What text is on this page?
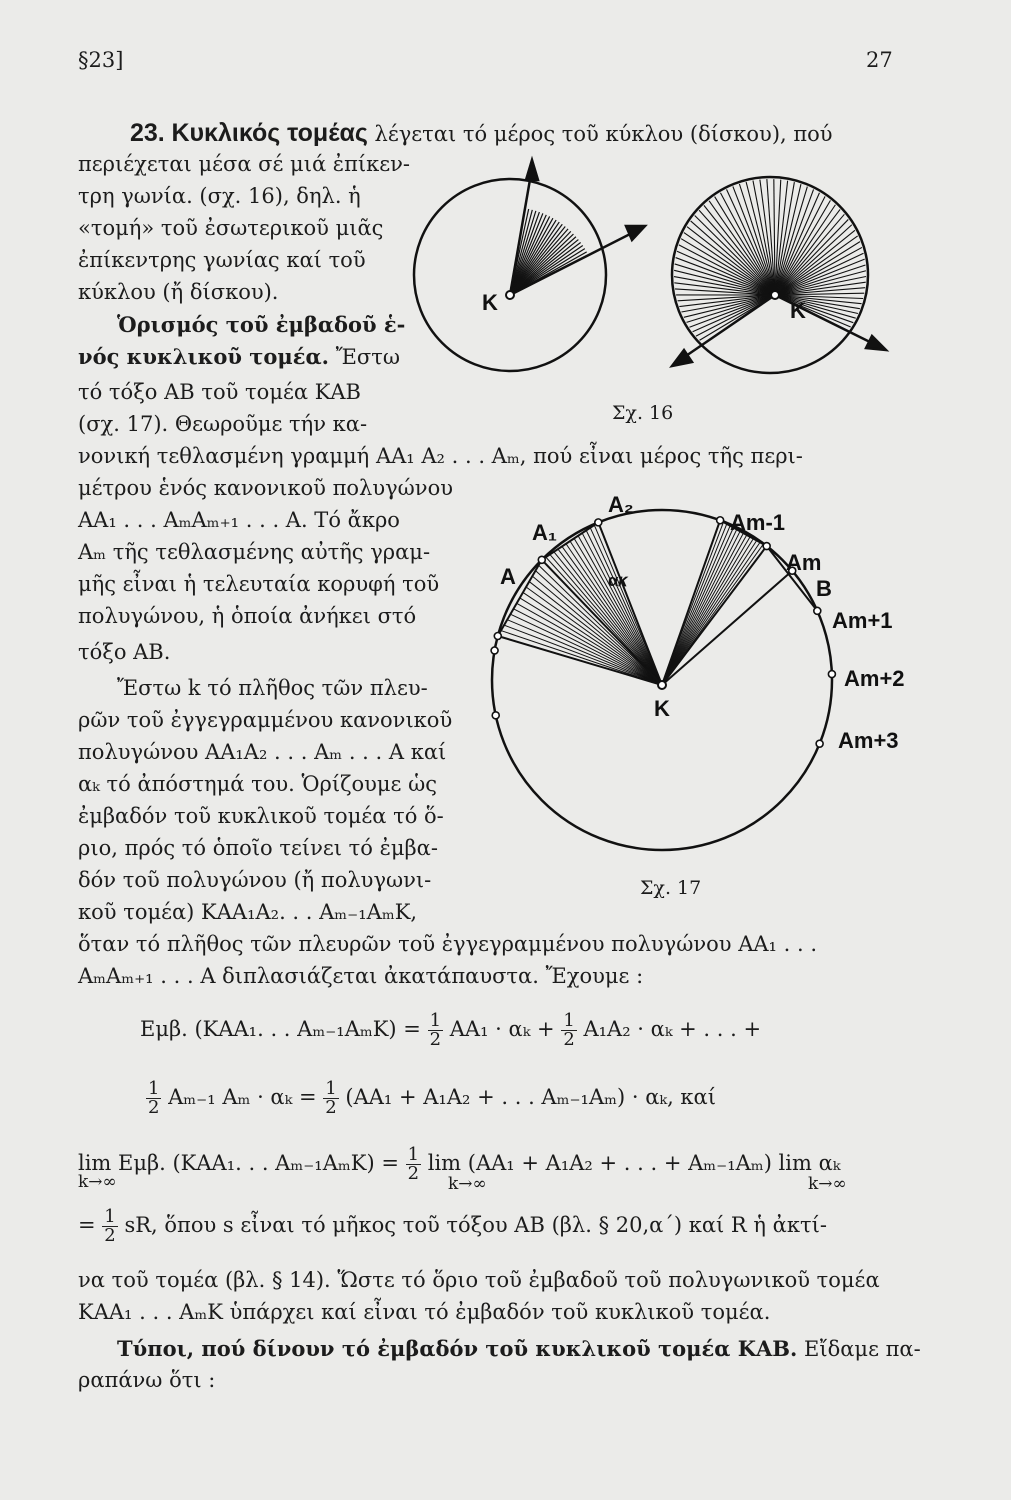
§23]	27
23. Κυκλικός τομέας λέγεται τό μέρος τοῦ κύκλου (δίσκου), πού
περιέχεται μέσα σέ μιά ἐπίκεν-
τρη γωνία. (σχ. 16), δηλ. ἡ
«τομή» τοῦ ἐσωτερικοῦ μιᾶς
ἐπίκεντρης γωνίας καί τοῦ
κύκλου (ἤ δίσκου).
Ὁρισμός τοῦ ἐμβαδοῦ ἑ-
νός κυκλικοῦ τομέα. Ἔστω
τό τόξο ΑΒ τοῦ τομέα ΚΑΒ
(σχ. 17). Θεωροῦμε τήν κα-
νονική τεθλασμένη γραμμή ΑΑ₁ Α₂ . . . Αₘ, πού εἶναι μέρος τῆς περι-
μέτρου ἑνός κανονικοῦ πολυγώνου
ΑΑ₁ . . . ΑₘΑₘ₊₁ . . . Α. Τό ἄκρο
Αₘ τῆς τεθλασμένης αὐτῆς γραμ-
μῆς εἶναι ἡ τελευταία κορυφή τοῦ
πολυγώνου, ἡ ὁποία ἀνήκει στό
τόξο ΑΒ.
Ἔστω k τό πλῆθος τῶν πλευ-
ρῶν τοῦ ἐγγεγραμμένου κανονικοῦ
πολυγώνου ΑΑ₁Α₂ . . . Αₘ . . . Α καί
αₖ τό ἀπόστημά του. Ὁρίζουμε ὡς
ἐμβαδόν τοῦ κυκλικοῦ τομέα τό ὅ-
ριο, πρός τό ὁποῖο τείνει τό ἐμβα-
δόν τοῦ πολυγώνου (ἤ πολυγωνι-
κοῦ τομέα) ΚΑΑ₁Α₂. . . Αₘ₋₁ΑₘΚ,
ὅταν τό πλῆθος τῶν πλευρῶν τοῦ ἐγγεγραμμένου πολυγώνου ΑΑ₁ . . .
ΑₘΑₘ₊₁ . . . Α διπλασιάζεται ἀκατάπαυστα. Ἔχουμε :
Εμβ. (ΚΑΑ₁. . . $A_{m-1}A_mK) = \frac{1}{2} AA_1 \cdot \alpha_k + \frac{1}{2} A_1A_2 \cdot \alpha_k$ + . . . +
$\frac{1}{2} A_{m-1}$ $A_m \cdot \alpha_k = \frac{1}{2} (AA_1 + A_1A_2$ + . . . Αₘ₋₁Αₘ) · αₖ, καί
lim Εμβ. (ΚΑΑ₁. . . $A_{m-1}A_mK) = \frac{1}{2}$ lim (ΑΑ₁ + Α₁Α₂ + . . . + Αₘ₋₁Αₘ) lim αₖ
k→∞	k→∞	k→∞
= $\frac{1}{2}$ sR, ὅπου s εἶναι τό μῆκος τοῦ τόξου ΑΒ (βλ. § 20,α΄) καί R ἡ ἀκτί-
να τοῦ τομέα (βλ. § 14). Ὥστε τό ὅριο τοῦ ἐμβαδοῦ τοῦ πολυγωνικοῦ τομέα
ΚΑΑ₁ . . . ΑₘΚ ὑπάρχει καί εἶναι τό ἐμβαδόν τοῦ κυκλικοῦ τομέα.
Τύποι, πού δίνουν τό ἐμβαδόν τοῦ κυκλικοῦ τομέα ΚΑΒ. Εἴδαμε πα-
ραπάνω ὅτι :
Κ	Κ
Σχ. 16
A
A₁
A₂
Am-1
Am
B
Am+1
Am+2
Am+3
K
α𝜅
Σχ. 17
